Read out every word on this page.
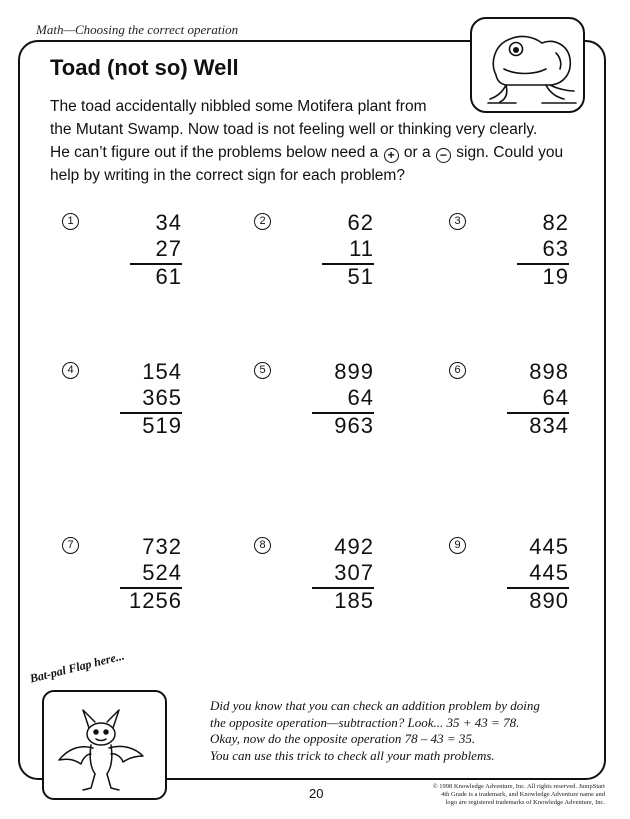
Math—Choosing the correct operation
Toad (not so) Well
The toad accidentally nibbled some Motifera plant from
the Mutant Swamp. Now toad is not feeling well or thinking very clearly.
He can’t figure out if the problems below need a + or a − sign. Could you
help by writing in the correct sign for each problem?
1	34
27
61
2	62
11
51
3	82
63
19
4	154
365
519
5	899
64
963
6	898
64
834
7	732
524
1256
8	492
307
185
9	445
445
890
Bat-pal Flap here...
Did you know that you can check an addition problem by doing
the opposite operation—subtraction? Look... 35 + 43 = 78.
Okay, now do the opposite operation 78 – 43 = 35.
You can use this trick to check all your math problems.
20	© 1998 Knowledge Adventure, Inc. All rights reserved. JumpStart
4th Grade is a trademark, and Knowledge Adventure name and
logo are registered trademarks of Knowledge Adventure, Inc.
